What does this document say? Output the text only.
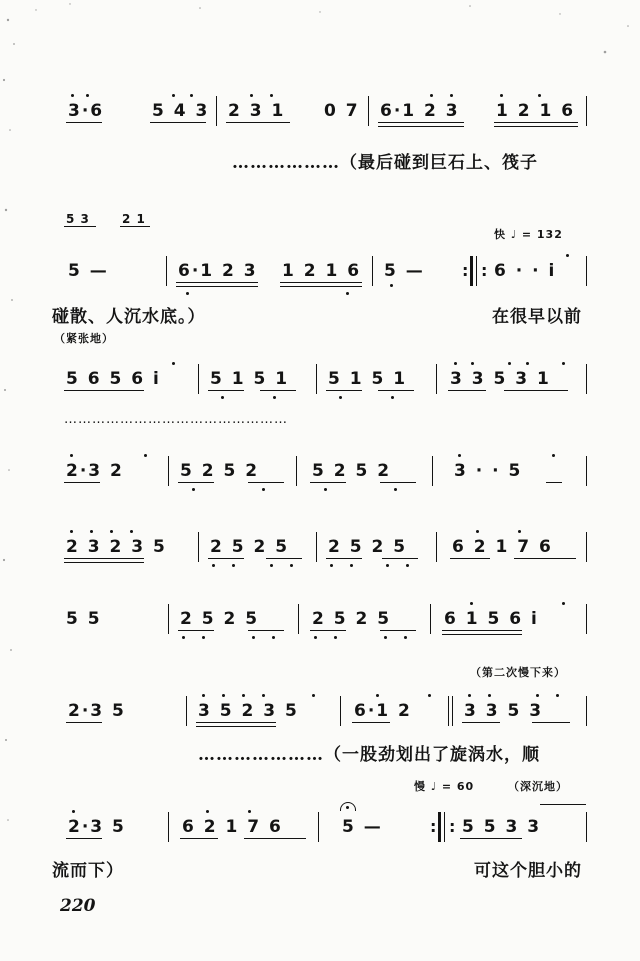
3·6	5 4 3 2 3 1 0 7 6·1 2 3 1 2 1 6
………………（最后碰到巨石上、筏子
5 3	2 1
快 ♩ = 132
5 —	6·1 2 3 1 2 1 6 5 — : : 6 · · i
碰散、人沉水底。）	在很早以前
（紧张地）
5 6 5 6 i	5 1 5 1 5 1 5 1	3 3 5 3 1
…………………………………………
2·3 2	5 2 5 2	5 2 5 2	3 · · 5
2 3 2 3 5	2 5 2 5 2 5 2 5	6 2 1 7 6
5 5	2 5 2 5	2 5 2 5	6 1 5 6 i
（第二次慢下来）
2·3 5	3 5 2 3 5	6·1 2	3 3 5 3
…………………（一股劲划出了旋涡水，顺
慢 ♩ = 60	（深沉地）
2·3 5	6 2 1 7 6	5 —	: : 5 5 3 3
流而下）	可这个胆小的
220
